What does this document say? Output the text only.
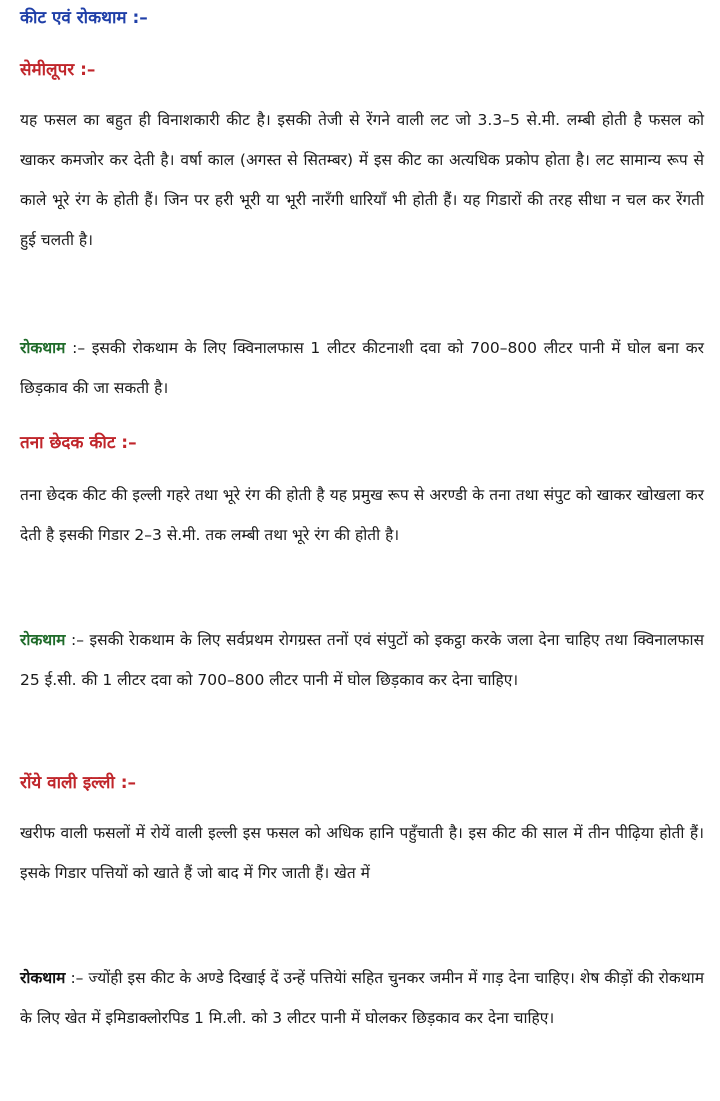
कीट एवं रोकथाम :–
सेमीलूपर :–

यह फसल का बहुत ही विनाशकारी कीट है। इसकी तेजी से रेंगने वाली लट जो 3.3–5 से.मी. लम्बी होती है फसल को खाकर कमजोर कर देती है। वर्षा काल (अगस्त से सितम्बर) में इस कीट का अत्यधिक प्रकोप होता है। लट सामान्य रूप से काले भूरे रंग के होती हैं। जिन पर हरी भूरी या भूरी नारँगी धारियाँ भी होती हैं। यह गिडारों की तरह सीधा न चल कर रेंगती हुई चलती है।

रोकथाम :– इसकी रोकथाम के लिए क्विनालफास 1 लीटर कीटनाशी दवा को 700–800 लीटर पानी में घोल बना कर छिड़काव की जा सकती है।

तना छेदक कीट :–

तना छेदक कीट की इल्ली गहरे तथा भूरे रंग की होती है यह प्रमुख रूप से अरण्डी के तना तथा संपुट को खाकर खोखला कर देती है इसकी गिडार 2–3 से.मी. तक लम्बी तथा भूरे रंग की होती है।

रोकथाम :– इसकी रेाकथाम के लिए सर्वप्रथम रोगग्रस्त तनों एवं संपुटों को इकट्ठा करके जला देना चाहिए तथा क्विनालफास 25 ई.सी. की 1 लीटर दवा को 700–800 लीटर पानी में घोल छिड़काव कर देना चाहिए।

रोंये वाली इल्ली :–

खरीफ वाली फसलों में रोयें वाली इल्ली इस फसल को अधिक हानि पहुँचाती है। इस कीट की साल में तीन पीढ़िया होती हैं। इसके गिडार पत्तियों को खाते हैं जो बाद में गिर जाती हैं। खेत में

रोकथाम :– ज्योंही इस कीट के अण्डे दिखाई दें उन्हें पत्तियेां सहित चुनकर जमीन में गाड़ देना चाहिए। शेष कीड़ों की रोकथाम के लिए खेत में इमिडाक्लोरपिड 1 मि.ली. को 3 लीटर पानी में घोलकर छिड़काव कर देना चाहिए।
